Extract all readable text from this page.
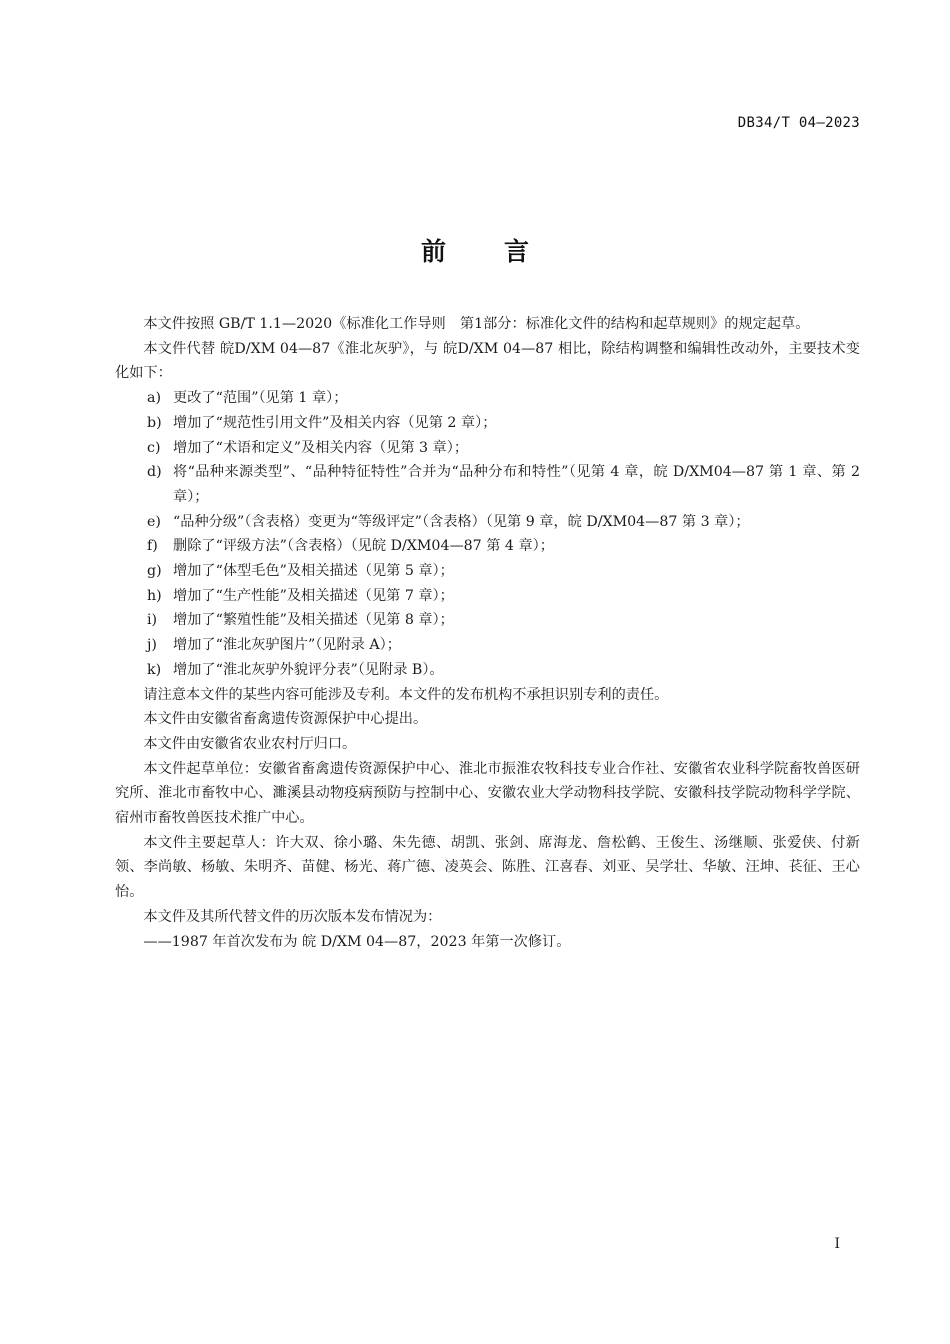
DB34/T 04—2023
前言

本文件按照 GB/T 1.1—2020《标准化工作导则　第1部分：标准化文件的结构和起草规则》的规定起草。

本文件代替 皖D/XM 04—87《淮北灰驴》，与 皖D/XM 04—87 相比，除结构调整和编辑性改动外，主要技术变化如下：

a) 更改了“范围”（见第 1 章）；

b) 增加了“规范性引用文件”及相关内容（见第 2 章）；

c) 增加了“术语和定义”及相关内容（见第 3 章）；

d) 将“品种来源类型”、“品种特征特性”合并为“品种分布和特性”（见第 4 章，皖 D/XM04—87 第 1 章、第 2 章）；

e) “品种分级”（含表格）变更为“等级评定”（含表格）（见第 9 章，皖 D/XM04—87 第 3 章）；

f) 删除了“评级方法”（含表格）（见皖 D/XM04—87 第 4 章）；

g) 增加了“体型毛色”及相关描述（见第 5 章）；

h) 增加了“生产性能”及相关描述（见第 7 章）；

i) 增加了“繁殖性能”及相关描述（见第 8 章）；

j) 增加了“淮北灰驴图片”（见附录 A）；

k) 增加了“淮北灰驴外貌评分表”（见附录 B）。

请注意本文件的某些内容可能涉及专利。本文件的发布机构不承担识别专利的责任。

本文件由安徽省畜禽遗传资源保护中心提出。

本文件由安徽省农业农村厅归口。

本文件起草单位：安徽省畜禽遗传资源保护中心、淮北市振淮农牧科技专业合作社、安徽省农业科学院畜牧兽医研究所、淮北市畜牧中心、濉溪县动物疫病预防与控制中心、安徽农业大学动物科技学院、安徽科技学院动物科学学院、宿州市畜牧兽医技术推广中心。

本文件主要起草人：许大双、徐小璐、朱先德、胡凯、张剑、席海龙、詹松鹤、王俊生、汤继顺、张爱侠、付新领、李尚敏、杨敏、朱明齐、苗健、杨光、蒋广德、凌英会、陈胜、江喜春、刘亚、吴学壮、华敏、汪坤、苌征、王心怡。

本文件及其所代替文件的历次版本发布情况为：

——1987 年首次发布为 皖 D/XM 04—87，2023 年第一次修订。

I
